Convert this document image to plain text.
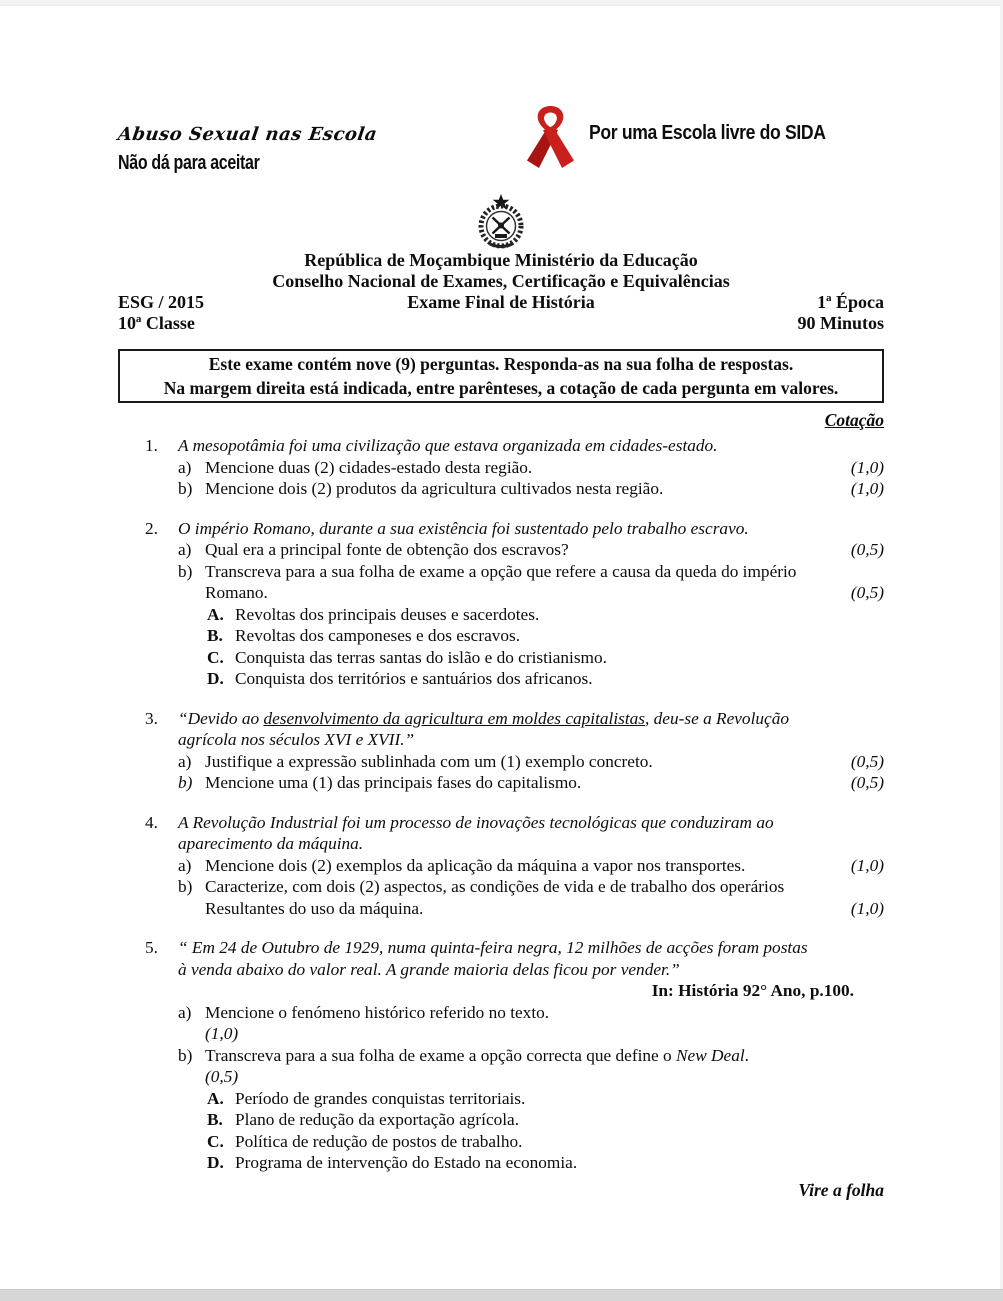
Abuso Sexual nas Escola
Não dá para aceitar
Por uma Escola livre do SIDA
República de Moçambique Ministério da Educação
Conselho Nacional de Exames, Certificação e Equivalências
ESG / 2015	Exame Final de História	1ª Época
10ª Classe	90 Minutos
Este exame contém nove (9) perguntas. Responda-as na sua folha de respostas.
Na margem direita está indicada, entre parênteses, a cotação de cada pergunta em valores.
Cotação
1.	A mesopotâmia foi uma civilização que estava organizada em cidades-estado.
a) Mencione duas (2) cidades-estado desta região.	(1,0)
b) Mencione dois (2) produtos da agricultura cultivados nesta região.	(1,0)
2.	O império Romano, durante a sua existência foi sustentado pelo trabalho escravo.
a) Qual era a principal fonte de obtenção dos escravos?	(0,5)
b) Transcreva para a sua folha de exame a opção que refere a causa da queda do império
Romano.	(0,5)
A. Revoltas dos principais deuses e sacerdotes.
B. Revoltas dos camponeses e dos escravos.
C. Conquista das terras santas do islão e do cristianismo.
D. Conquista dos territórios e santuários dos africanos.
3.	“Devido ao desenvolvimento da agricultura em moldes capitalistas, deu-se a Revolução
agrícola nos séculos XVI e XVII.”
a) Justifique a expressão sublinhada com um (1) exemplo concreto.	(0,5)
b) Mencione uma (1) das principais fases do capitalismo.	(0,5)
4.	A Revolução Industrial foi um processo de inovações tecnológicas que conduziram ao
aparecimento da máquina.
a) Mencione dois (2) exemplos da aplicação da máquina a vapor nos transportes.	(1,0)
b) Caracterize, com dois (2) aspectos, as condições de vida e de trabalho dos operários
Resultantes do uso da máquina.	(1,0)
5.	“ Em 24 de Outubro de 1929, numa quinta-feira negra, 12 milhões de acções foram postas
à venda abaixo do valor real. A grande maioria delas ficou por vender.”
In: História 92° Ano, p.100.
a) Mencione o fenómeno histórico referido no texto.
(1,0)
b) Transcreva para a sua folha de exame a opção correcta que define o New Deal.
(0,5)
A. Período de grandes conquistas territoriais.
B. Plano de redução da exportação agrícola.
C. Política de redução de postos de trabalho.
D. Programa de intervenção do Estado na economia.
Vire a folha
